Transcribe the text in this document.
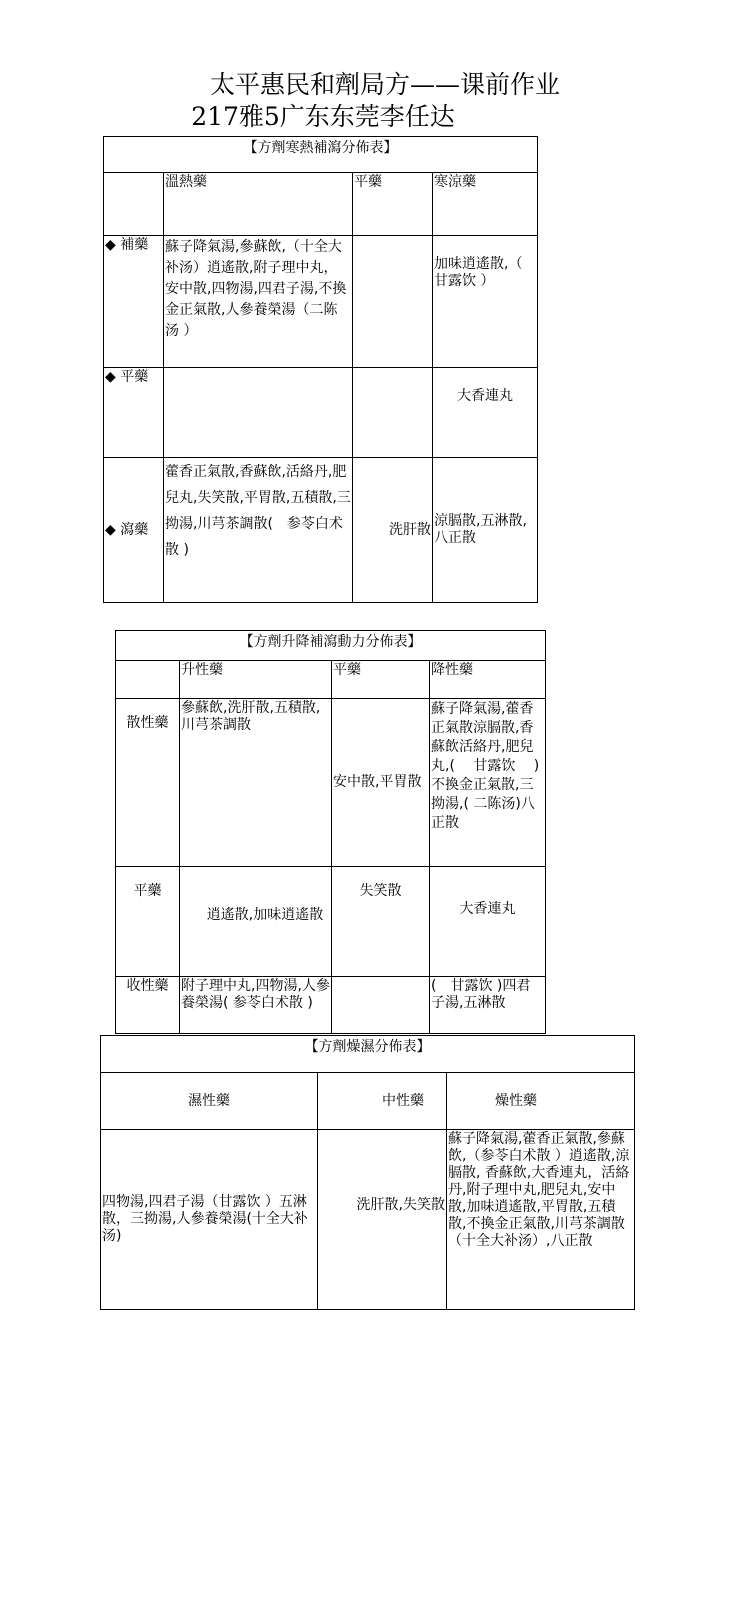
太平惠民和劑局方——课前作业
217雅5广东东莞李任达
【方劑寒熱補瀉分佈表】			
	溫熱藥	平藥	寒涼藥
◆ 補藥	蘇子降氣湯,參蘇飲,（十全大补汤）逍遙散,附子理中丸，安中散,四物湯,四君子湯,不換金正氣散,人參養榮湯（二陈汤 ）		加味逍遙散,（ 甘露饮 ）
◆ 平藥			大香連丸
◆ 瀉藥	藿香正氣散,香蘇飲,活絡丹,肥兒丸,失笑散,平胃散,五積散,三拗湯,川芎茶調散(　参苓白术散 )	洗肝散	涼膈散,五淋散,八正散
【方劑升降補瀉動力分佈表】			
	升性藥	平藥	降性藥
散性藥	參蘇飲,洗肝散,五積散,川芎茶調散	安中散,平胃散	蘇子降氣湯,藿香正氣散涼膈散,香蘇飲活絡丹,肥兒丸,(　 甘露饮　 )不換金正氣散,三拗湯,( 二陈汤)八正散
平藥	逍遙散,加味逍遙散	失笑散	大香連丸
收性藥	附子理中丸,四物湯,人參養榮湯( 参苓白术散 )		(　甘露饮 )四君子湯,五淋散
【方劑燥濕分佈表】		
濕性藥	中性藥	燥性藥
四物湯,四君子湯（甘露饮 ）五淋散，三拗湯,人參養榮湯(十全大补汤)	洗肝散,失笑散	蘇子降氣湯,藿香正氣散,參蘇飲,（参苓白术散 ）逍遙散,涼膈散, 香蘇飲,大香連丸，活絡丹,附子理中丸,肥兒丸,安中散,加味逍遙散,平胃散,五積散,不換金正氣散,川芎茶調散（十全大补汤）,八正散
